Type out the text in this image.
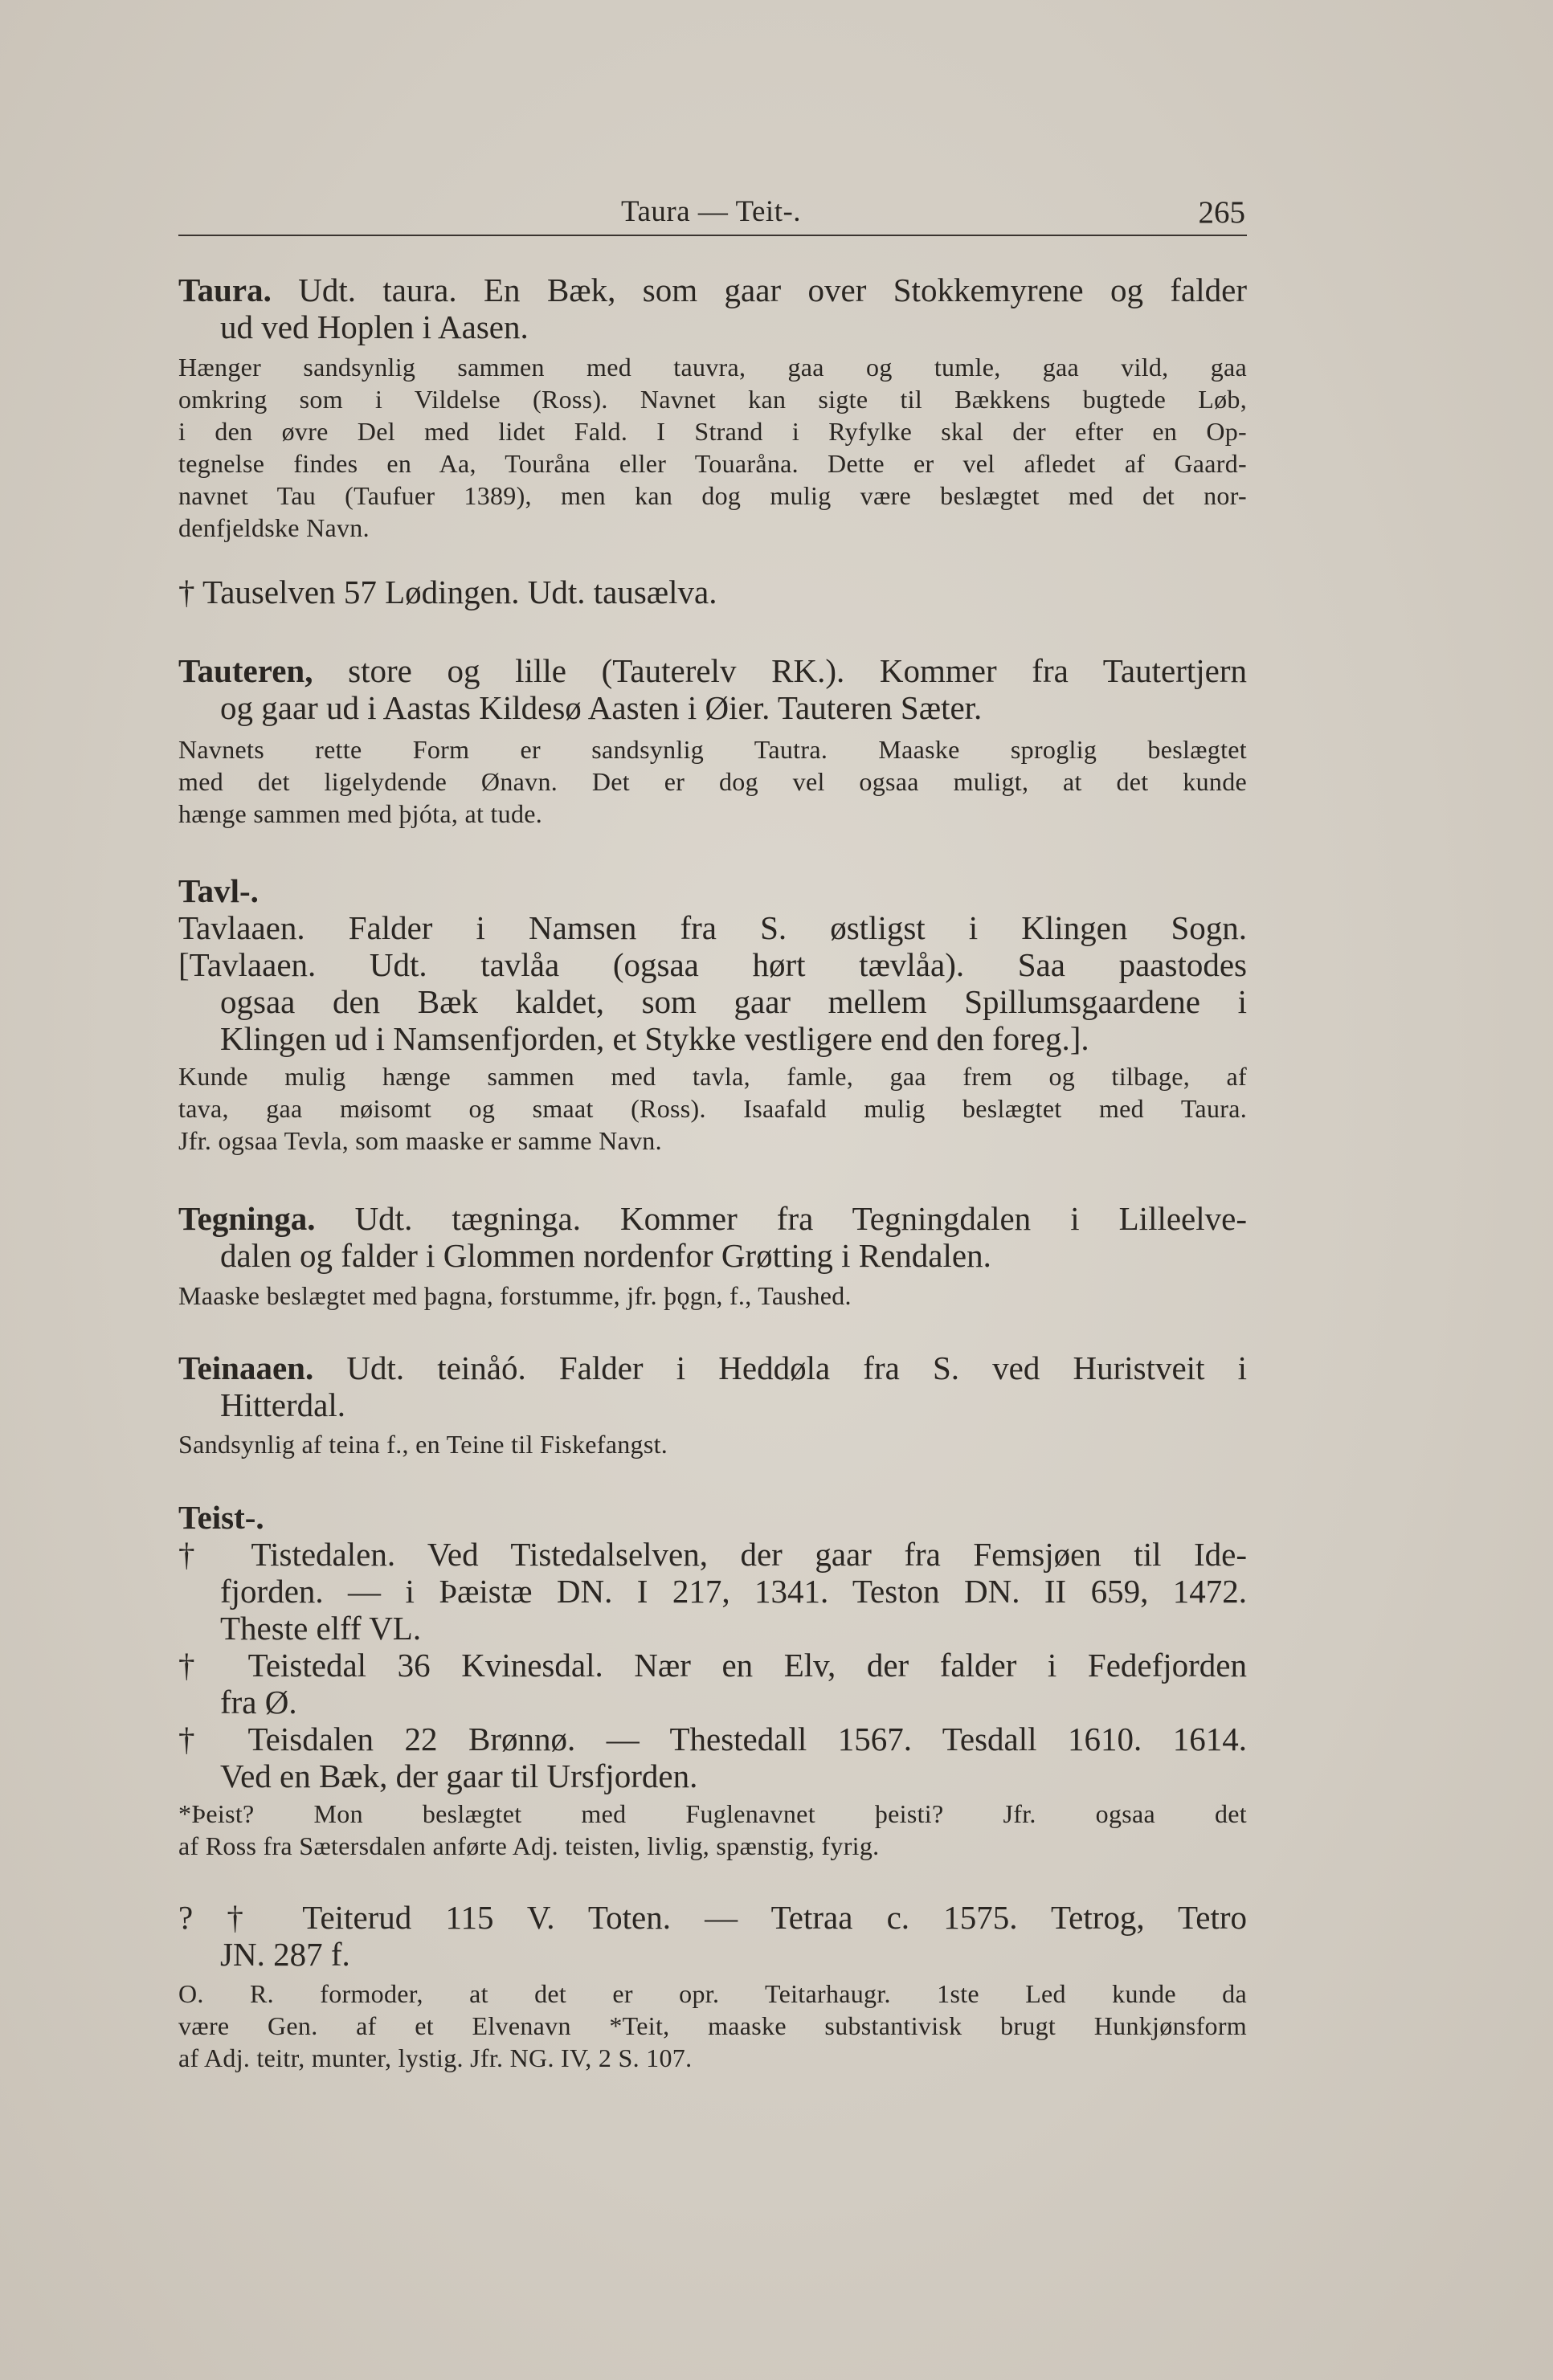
Taura — Teit-.	265
Taura. Udt. taura. En Bæk, som gaar over Stokkemyrene og falder
ud ved Hoplen i Aasen.
Hænger sandsynlig sammen med tauvra, gaa og tumle, gaa vild, gaa
omkring som i Vildelse (Ross). Navnet kan sigte til Bækkens bugtede Løb,
i den øvre Del med lidet Fald. I Strand i Ryfylke skal der efter en Op-
tegnelse findes en Aa, Touråna eller Touaråna. Dette er vel afledet af Gaard-
navnet Tau (Taufuer 1389), men kan dog mulig være beslægtet med det nor-
denfjeldske Navn.
† Tauselven 57 Lødingen. Udt. tausælva.
Tauteren, store og lille (Tauterelv RK.). Kommer fra Tautertjern
og gaar ud i Aastas Kildesø Aasten i Øier. Tauteren Sæter.
Navnets rette Form er sandsynlig Tautra. Maaske sproglig beslægtet
med det ligelydende Ønavn. Det er dog vel ogsaa muligt, at det kunde
hænge sammen med þjóta, at tude.
Tavl-.
Tavlaaen. Falder i Namsen fra S. østligst i Klingen Sogn.
[Tavlaaen. Udt. tavlåa (ogsaa hørt tævlåa). Saa paastodes
ogsaa den Bæk kaldet, som gaar mellem Spillumsgaardene i
Klingen ud i Namsenfjorden, et Stykke vestligere end den foreg.].
Kunde mulig hænge sammen med tavla, famle, gaa frem og tilbage, af
tava, gaa møisomt og smaat (Ross). Isaafald mulig beslægtet med Taura.
Jfr. ogsaa Tevla, som maaske er samme Navn.
Tegninga. Udt. tægninga. Kommer fra Tegningdalen i Lilleelve-
dalen og falder i Glommen nordenfor Grøtting i Rendalen.
Maaske beslægtet med þagna, forstumme, jfr. þǫgn, f., Taushed.
Teinaaen. Udt. teinåó. Falder i Heddøla fra S. ved Huristveit i
Hitterdal.
Sandsynlig af teina f., en Teine til Fiskefangst.
Teist-.
† Tistedalen. Ved Tistedalselven, der gaar fra Femsjøen til Ide-
fjorden. — i Þæistæ DN. I 217, 1341. Teston DN. II 659, 1472.
Theste elff VL.
† Teistedal 36 Kvinesdal. Nær en Elv, der falder i Fedefjorden
fra Ø.
† Teisdalen 22 Brønnø. — Thestedall 1567. Tesdall 1610. 1614.
Ved en Bæk, der gaar til Ursfjorden.
*Þeist? Mon beslægtet med Fuglenavnet þeisti? Jfr. ogsaa det
af Ross fra Sætersdalen anførte Adj. teisten, livlig, spænstig, fyrig.
? † Teiterud 115 V. Toten. — Tetraa c. 1575. Tetrog, Tetro
JN. 287 f.
O. R. formoder, at det er opr. Teitarhaugr. 1ste Led kunde da
være Gen. af et Elvenavn *Teit, maaske substantivisk brugt Hunkjønsform
af Adj. teitr, munter, lystig. Jfr. NG. IV, 2 S. 107.
